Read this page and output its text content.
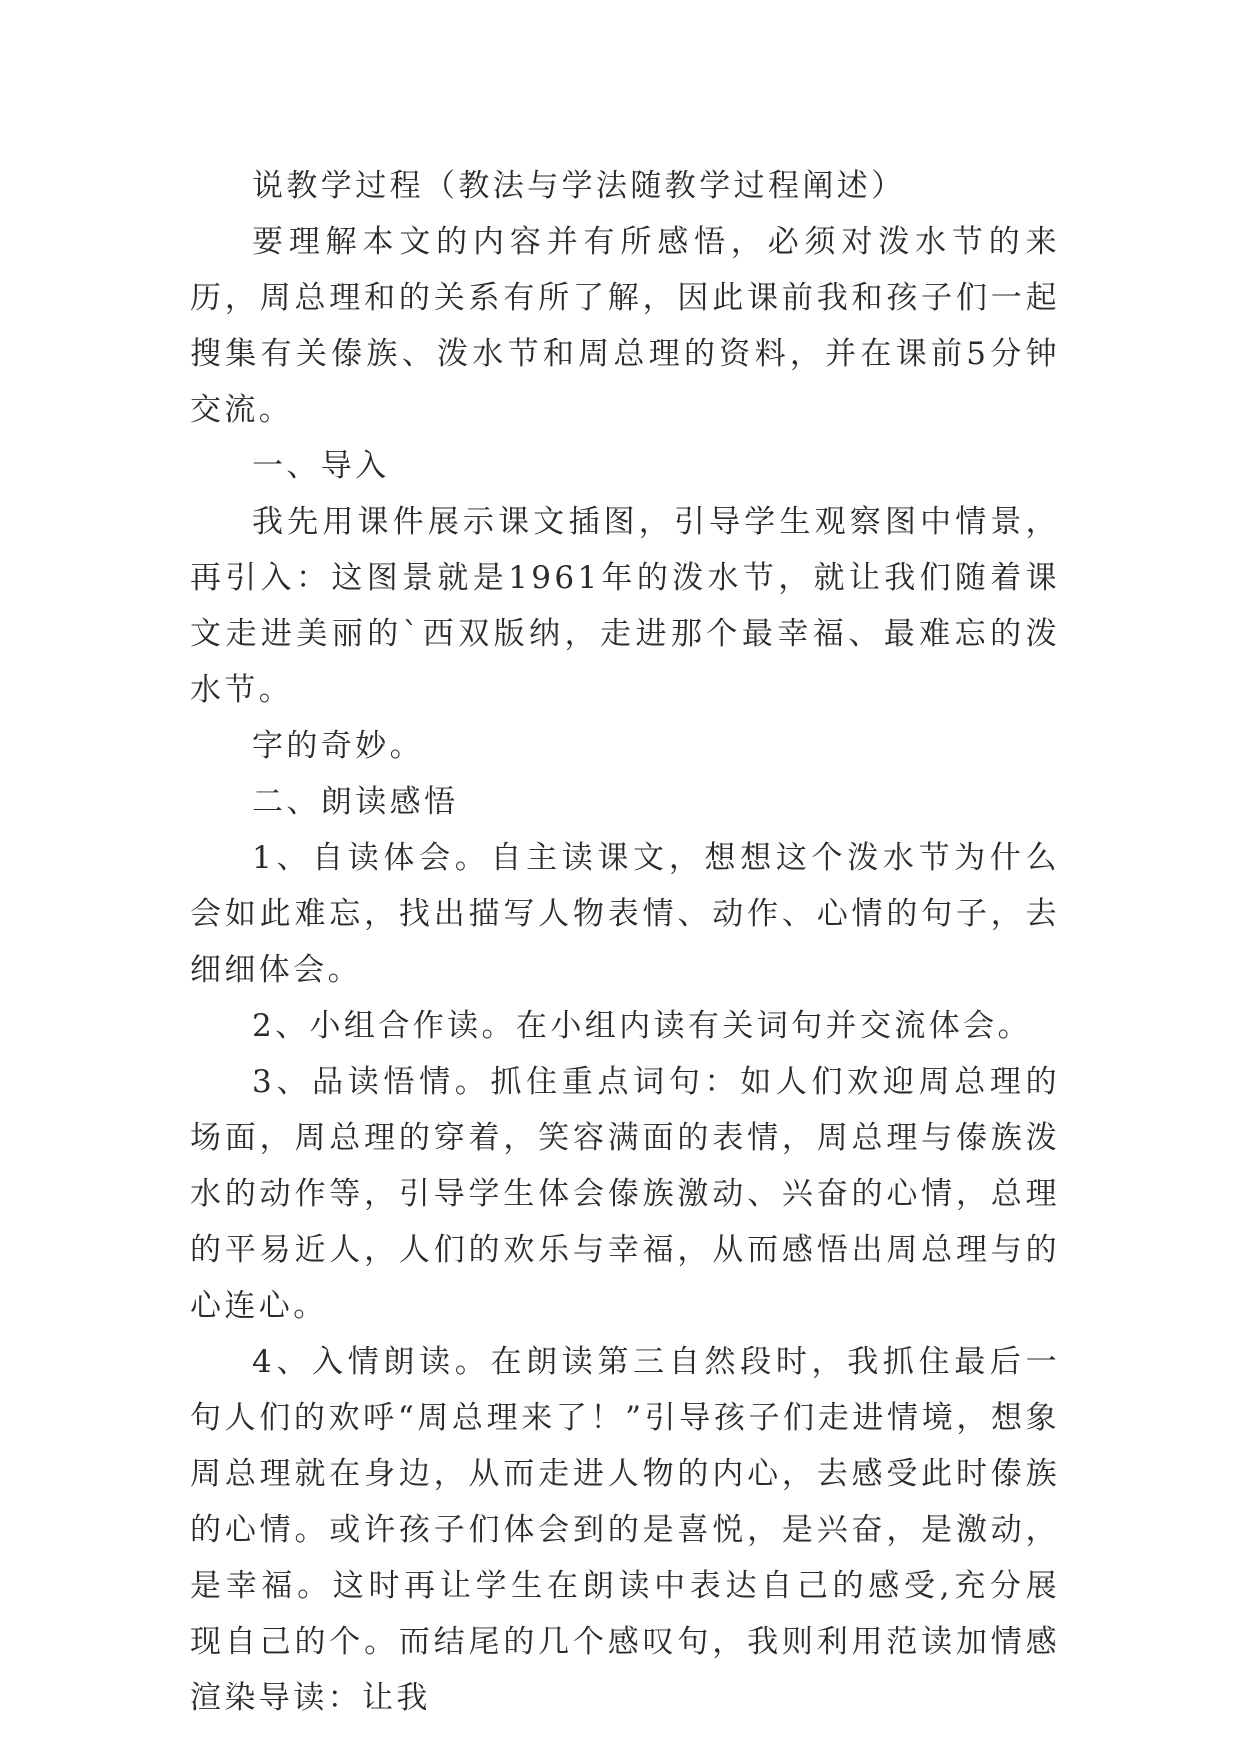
说教学过程（教法与学法随教学过程阐述）

要理解本文的内容并有所感悟，必须对泼水节的来历，周总理和的关系有所了解，因此课前我和孩子们一起搜集有关傣族、泼水节和周总理的资料，并在课前5分钟交流。

一、导入

我先用课件展示课文插图，引导学生观察图中情景，再引入：这图景就是1961年的泼水节，就让我们随着课文走进美丽的`西双版纳，走进那个最幸福、最难忘的泼水节。

字的奇妙。

二、朗读感悟

1、自读体会。自主读课文，想想这个泼水节为什么会如此难忘，找出描写人物表情、动作、心情的句子，去细细体会。

2、小组合作读。在小组内读有关词句并交流体会。

3、品读悟情。抓住重点词句：如人们欢迎周总理的场面，周总理的穿着，笑容满面的表情，周总理与傣族泼水的动作等，引导学生体会傣族激动、兴奋的心情，总理的平易近人，人们的欢乐与幸福，从而感悟出周总理与的心连心。

4、入情朗读。在朗读第三自然段时，我抓住最后一句人们的欢呼“周总理来了！”引导孩子们走进情境，想象周总理就在身边，从而走进人物的内心，去感受此时傣族的心情。或许孩子们体会到的是喜悦，是兴奋，是激动，是幸福。这时再让学生在朗读中表达自己的感受,充分展现自己的个。而结尾的几个感叹句，我则利用范读加情感渲染导读：让我
